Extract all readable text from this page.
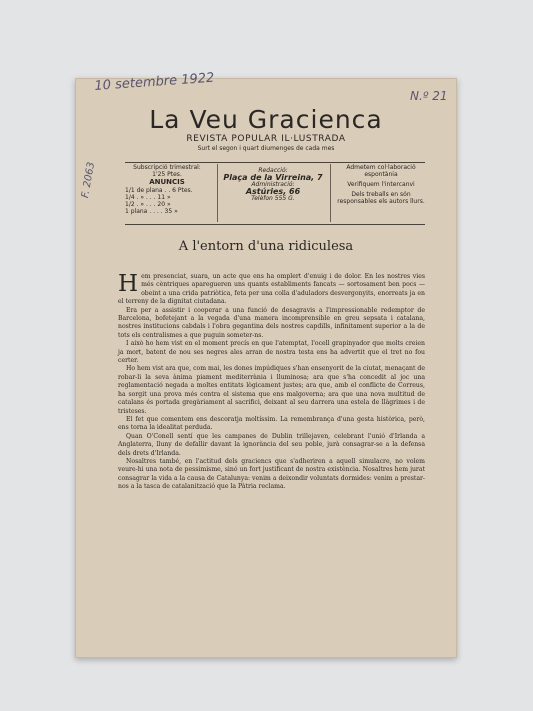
10 setembre 1922
N.º 21
F. 2063
La Veu Gracienca
REVISTA POPULAR IL·LUSTRADA
Surt el segon i quart diumenges de cada mes
Subscripció trimestral:
1'25 Ptes.
ANUNCIS
1/1 de plana . . 6 Ptes.
1/4 . » . . . 11 »
1/2 . » . . . 20 »
1 plana . . . . 35 »
Redacció:
Plaça de la Virreina, 7
Administració:
Astúries, 66
Telèfon 555 G.
Admetem col·laboració espontània
Verifiquem l'intercanvi
Dels treballs en són responsables els autors llurs.
A l'entorn d'una ridiculesa

Hem presenciat, suara, un acte que ens ha omplert d'enuig i de dolor. En les nostres vies més cèntriques aparegueren uns quants establiments fancats — sortosament ben pocs — obeint a una crida patriòtica, feta per una colla d'aduladors desvergonyits, enorreats ja en el terreny de la dignitat ciutadana.

Era per a assistir i cooperar a una funció de desagravis a l'impressionable redemptor de Barcelona, bofetejant a la vegada d'una manera incomprensible en greu sepsata i catalana, nostres institucions cabdals i l'obra gegantina dels nostres capdills, infinitament superior a la de tots els centralismes a que puguin someter-ns.

I això ho hem vist en el moment precís en que l'atemptat, l'ocell grapinyador que molts creien ja mort, batent de nou ses negres ales arran de nostra testa ens ha advertit que el tret no fou certer.

Ho hem vist ara que, com mai, les dones impúdiques s'han ensenyorit de la ciutat, menaçant de robar-li la seva ànima piament mediterrània i lluminosa; ara que s'ha concedit al joc una reglamentació negada a moltes entitats lògicament justes; ara que, amb el conflicte de Correus, ha sorgit una prova més contra el sistema que ens malgoverna; ara que una nova multitud de catalans és portada gregàriament al sacrifici, deixant al seu darrera una estela de llàgrimes i de tristeses.

El fet que comentem ens descoratja moltíssim. La remembrança d'una gesta històrica, però, ens torna la idealitat perduda.

Quan O'Conell sentí que les campanes de Dublin trillejaven, celebrant l'unió d'Irlanda a Anglaterra, lluny de defallir davant la ignorància del seu poble, jurà consagrar-se a la defensa dels drets d'Irlanda.

Nosaltres també, en l'actitud dels graciencs que s'adheriren a aquell simulacre, no volem veure-hi una nota de pessimisme, sinó un fort justificant de nostra existència. Nosaltres hem jurat consagrar la vida a la causa de Catalunya: venim a deixondir voluntats dormides: venim a prestar-nos a la tasca de catalanització que la Pàtria reclama.
